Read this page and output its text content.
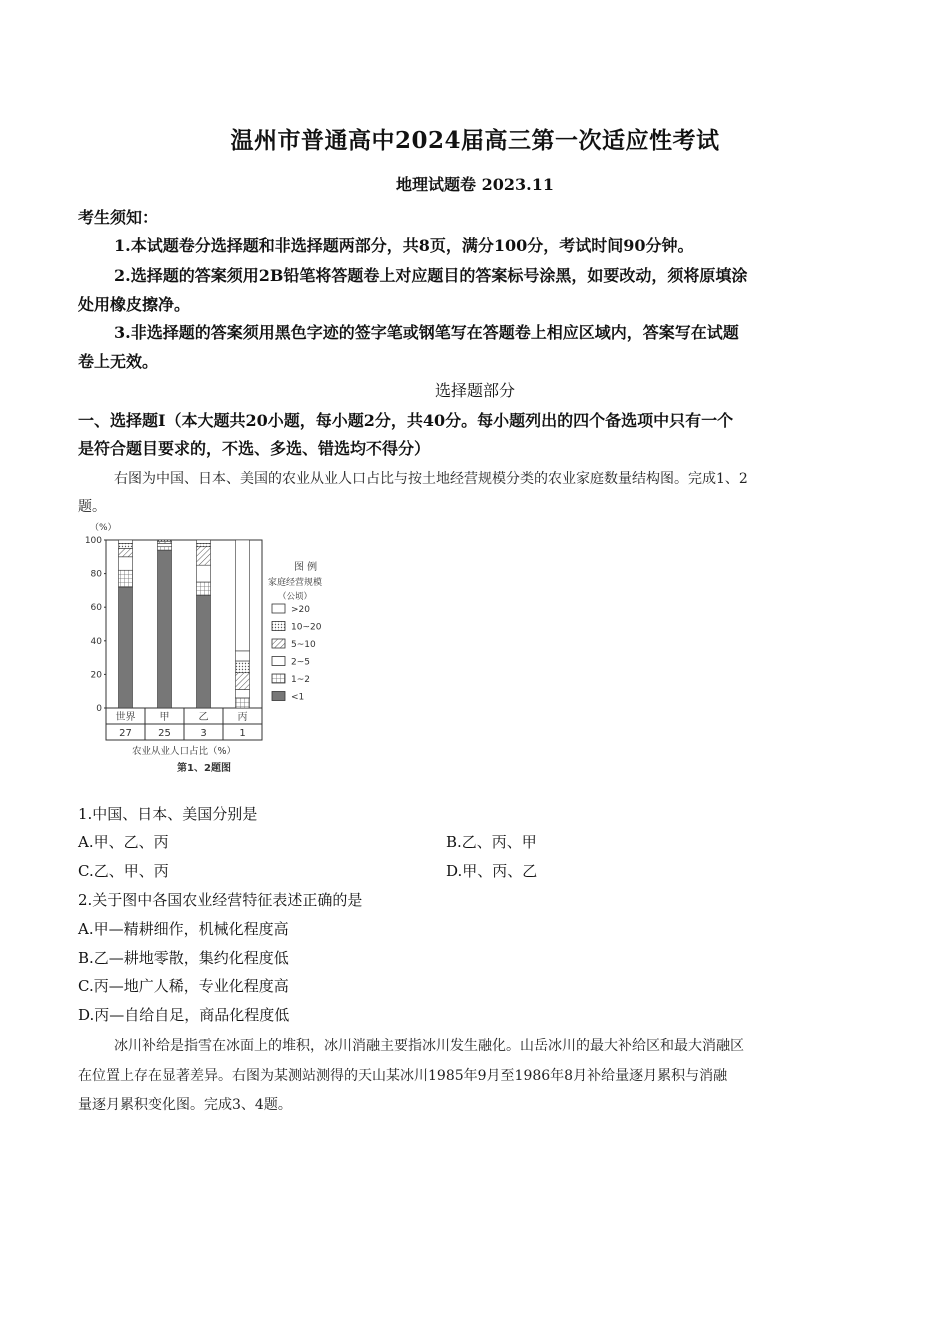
温州市普通高中2024届高三第一次适应性考试
地理试题卷 2023.11
考生须知：
1.本试题卷分选择题和非选择题两部分，共8页，满分100分，考试时间90分钟。
2.选择题的答案须用2B铅笔将答题卷上对应题目的答案标号涂黑，如要改动，须将原填涂
处用橡皮擦净。
3.非选择题的答案须用黑色字迹的签字笔或钢笔写在答题卷上相应区域内，答案写在试题
卷上无效。
选择题部分
一、选择题Ⅰ（本大题共20小题，每小题2分，共40分。每小题列出的四个备选项中只有一个
是符合题目要求的，不选、多选、错选均不得分）
右图为中国、日本、美国的农业从业人口占比与按土地经营规模分类的农业家庭数量结构图。完成1、2
题。
（%）
0
20
40
60
80
100
世界
27
甲
25
乙
3
丙
1
农业从业人口占比（%）
第1、2题图
图 例
家庭经营规模
（公顷）
>20
10~20
5~10
2~5
1~2
<1
1.中国、日本、美国分别是
A.甲、乙、丙	B.乙、丙、甲
C.乙、甲、丙	D.甲、丙、乙
2.关于图中各国农业经营特征表述正确的是
A.甲—精耕细作，机械化程度高
B.乙—耕地零散，集约化程度低
C.丙—地广人稀，专业化程度高
D.丙—自给自足，商品化程度低
冰川补给是指雪在冰面上的堆积，冰川消融主要指冰川发生融化。山岳冰川的最大补给区和最大消融区
在位置上存在显著差异。右图为某测站测得的天山某冰川1985年9月至1986年8月补给量逐月累积与消融
量逐月累积变化图。完成3、4题。
